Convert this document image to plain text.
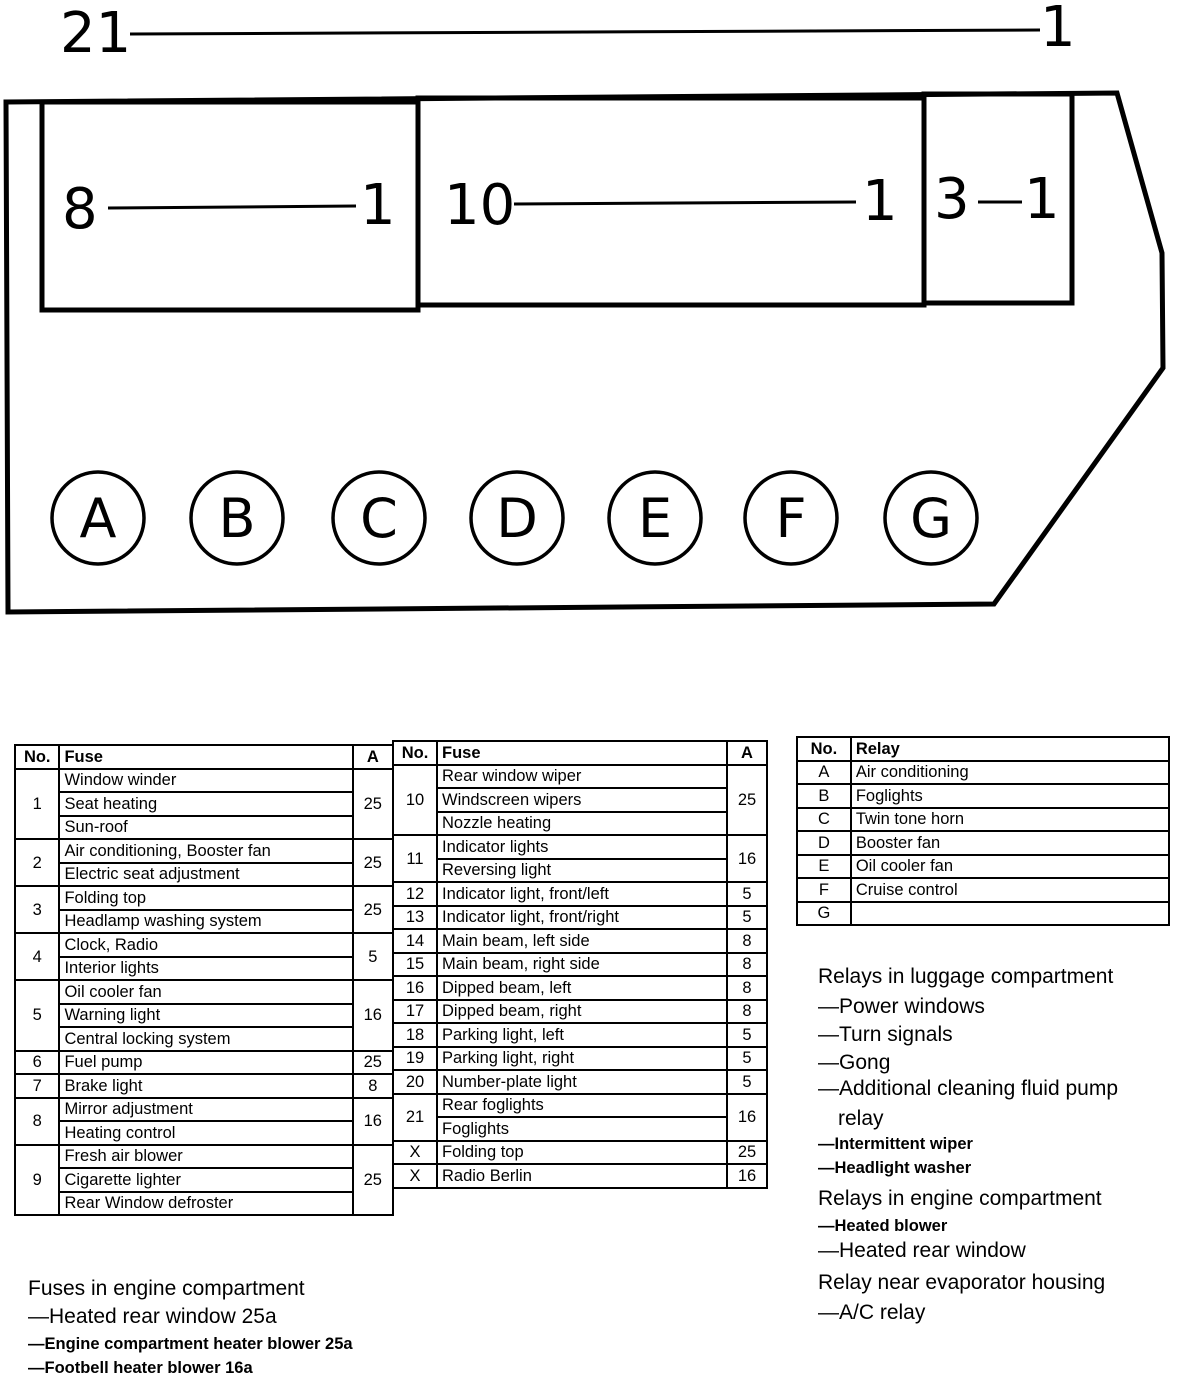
A B C D E F G
21	1
8	1 10	1 3 1
No.	Fuse	A
1	Window winder	25
	Seat heating	
	Sun-roof	
2	Air conditioning, Booster fan	25
	Electric seat adjustment	
3	Folding top	25
	Headlamp washing system	
4	Clock, Radio	5
	Interior lights	
5	Oil cooler fan	16
	Warning light	
	Central locking system	
6	Fuel pump	25
7	Brake light	8
8	Mirror adjustment	16
	Heating control	
9	Fresh air blower	25
	Cigarette lighter	
	Rear Window defroster	
No.	Fuse	A
10	Rear window wiper	25
	Windscreen wipers	
	Nozzle heating	
11	Indicator lights	16
	Reversing light	
12	Indicator light, front/left	5
13	Indicator light, front/right	5
14	Main beam, left side	8
15	Main beam, right side	8
16	Dipped beam, left	8
17	Dipped beam, right	8
18	Parking light, left	5
19	Parking light, right	5
20	Number-plate light	5
21	Rear foglights	16
	Foglights	
X	Folding top	25
X	Radio Berlin	16
No.	Relay
A	Air conditioning
B	Foglights
C	Twin tone horn
D	Booster fan
E	Oil cooler fan
F	Cruise control
G	
Relays in luggage compartment
—Power windows
—Turn signals
—Gong
—Additional cleaning fluid pump
relay
—Intermittent wiper
—Headlight washer
Relays in engine compartment
—Heated blower
—Heated rear window
Relay near evaporator housing
—A/C relay
Fuses in engine compartment
—Heated rear window 25a
—Engine compartment heater blower 25a
—Footbell heater blower 16a
